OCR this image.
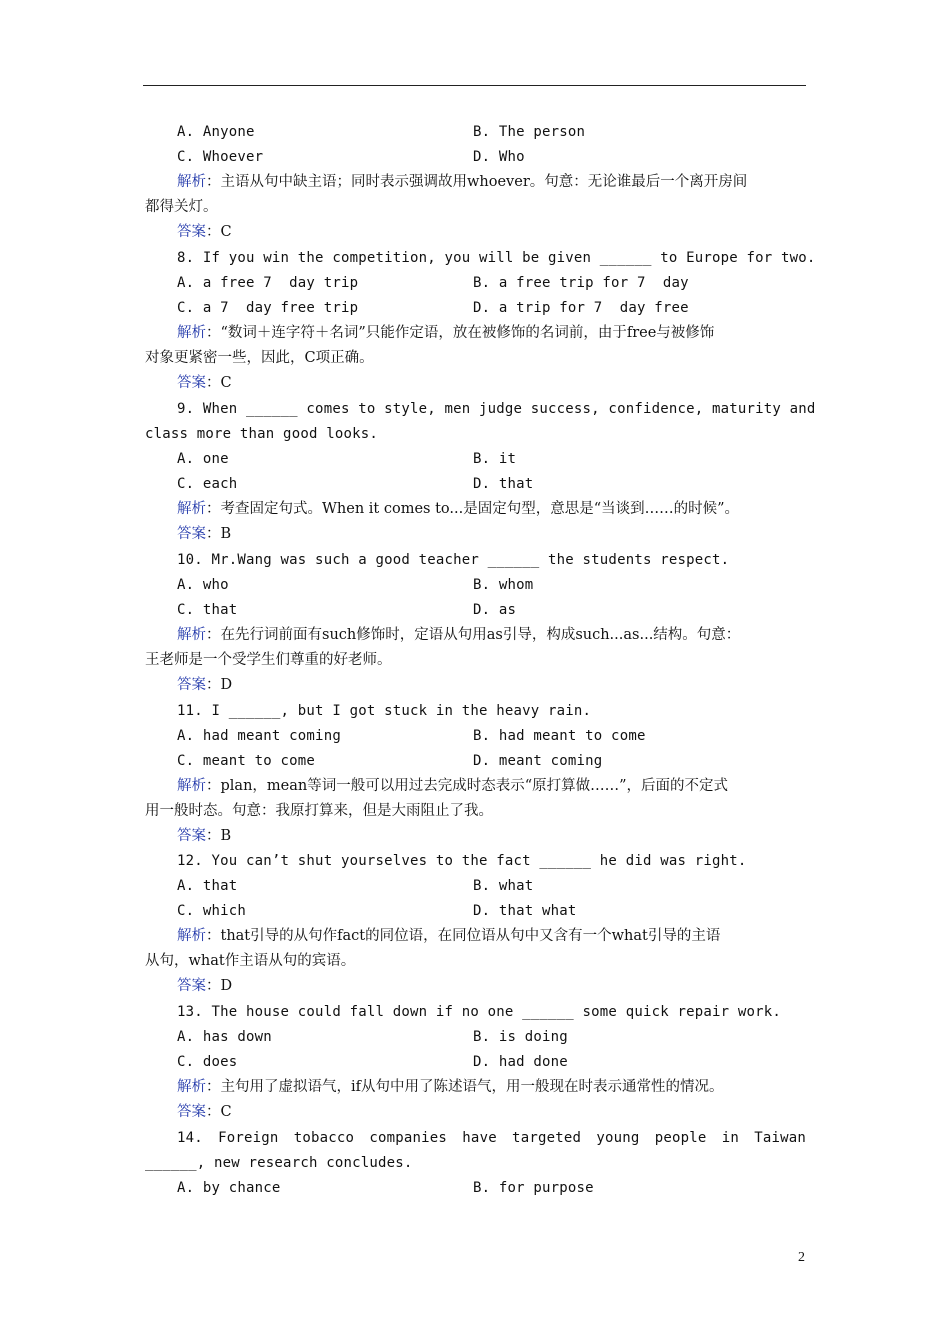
A. Anyone	B. The person
C. Whoever	D. Who
解析：主语从句中缺主语；同时表示强调故用whoever。句意：无论谁最后一个离开房间
都得关灯。
答案：C
8. If you win the competition, you will be given ______ to Europe for two.
A. a free 7  day trip	B. a free trip for 7  day
C. a 7  day free trip	D. a trip for 7  day free
解析：“数词＋连字符＋名词”只能作定语，放在被修饰的名词前，由于free与被修饰
对象更紧密一些，因此，C项正确。
答案：C
9. When ______ comes to style, men judge success, confidence, maturity and
class more than good looks.
A. one	B. it
C. each	D. that
解析：考查固定句式。When it comes to...是固定句型，意思是“当谈到……的时候”。
答案：B
10. Mr.Wang was such a good teacher ______ the students respect.
A. who	B. whom
C. that	D. as
解析：在先行词前面有such修饰时，定语从句用as引导，构成such...as...结构。句意：
王老师是一个受学生们尊重的好老师。
答案：D
11. I ______, but I got stuck in the heavy rain.
A. had meant coming	B. had meant to come
C. meant to come	D. meant coming
解析：plan，mean等词一般可以用过去完成时态表示“原打算做……”，后面的不定式
用一般时态。句意：我原打算来，但是大雨阻止了我。
答案：B
12. You can’t shut yourselves to the fact ______ he did was right.
A. that	B. what
C. which	D. that what
解析：that引导的从句作fact的同位语，在同位语从句中又含有一个what引导的主语
从句，what作主语从句的宾语。
答案：D
13. The house could fall down if no one ______ some quick repair work.
A. has down	B. is doing
C. does	D. had done
解析：主句用了虚拟语气，if从句中用了陈述语气，用一般现在时表示通常性的情况。
答案：C
14. Foreign tobacco companies have targeted young people in Taiwan
______, new research concludes.
A. by chance	B. for purpose
2
